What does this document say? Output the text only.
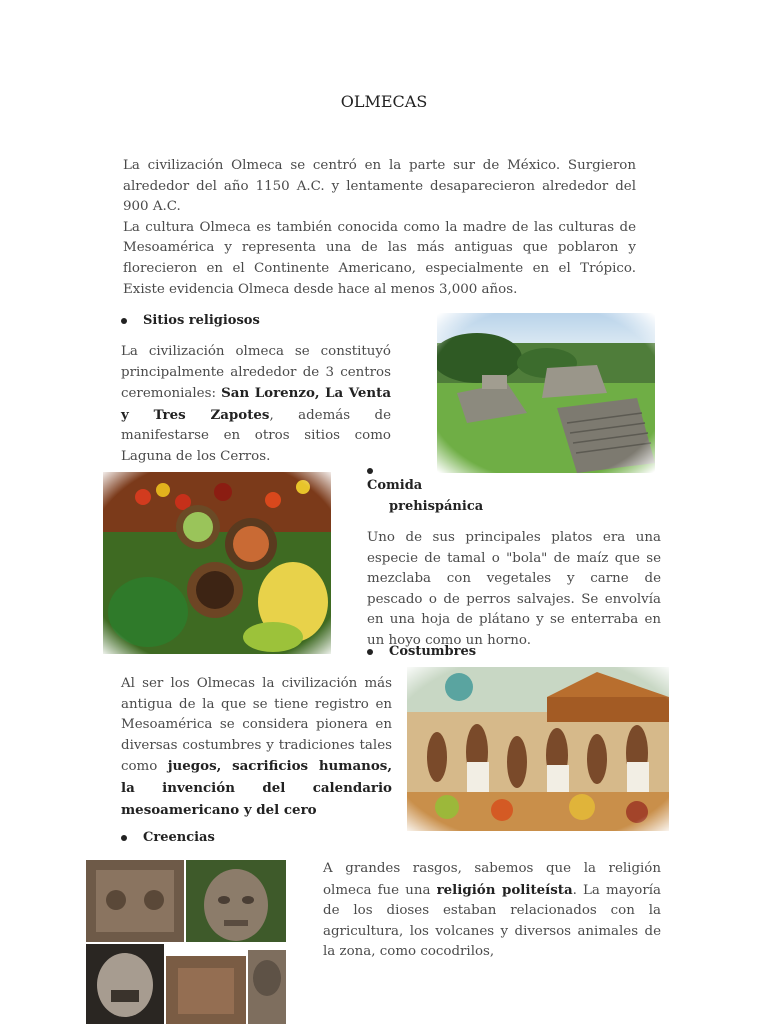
OLMECAS

La civilización Olmeca se centró en la parte sur de México. Surgieron alrededor del año 1150 A.C. y lentamente desaparecieron alrededor del 900 A.C.

La cultura Olmeca es también conocida como la madre de las culturas de Mesoamérica y representa una de las más antiguas que poblaron y florecieron en el Continente Americano, especialmente en el Trópico. Existe evidencia Olmeca desde hace al menos 3,000 años.

Sitios religiosos
La civilización olmeca se constituyó principalmente alrededor de 3 centros ceremoniales: San Lorenzo, La Venta y Tres Zapotes, además de manifestarse en otros sitios como Laguna de los Cerros.
Comida
prehispánica
Uno de sus principales platos era una especie de tamal o "bola" de maíz que se mezclaba con vegetales y carne de pescado o de perros salvajes. Se envolvía en una hoja de plátano y se enterraba en un hoyo como un horno.
Costumbres
Al ser los Olmecas la civilización más antigua de la que se tiene registro en Mesoamérica se considera pionera en diversas costumbres y tradiciones tales como juegos, sacrificios humanos, la invención del calendario mesoamericano y del cero
Creencias
A grandes rasgos, sabemos que la religión olmeca fue una religión politeísta. La mayoría de los dioses estaban relacionados con la agricultura, los volcanes y diversos animales de la zona, como cocodrilos,
